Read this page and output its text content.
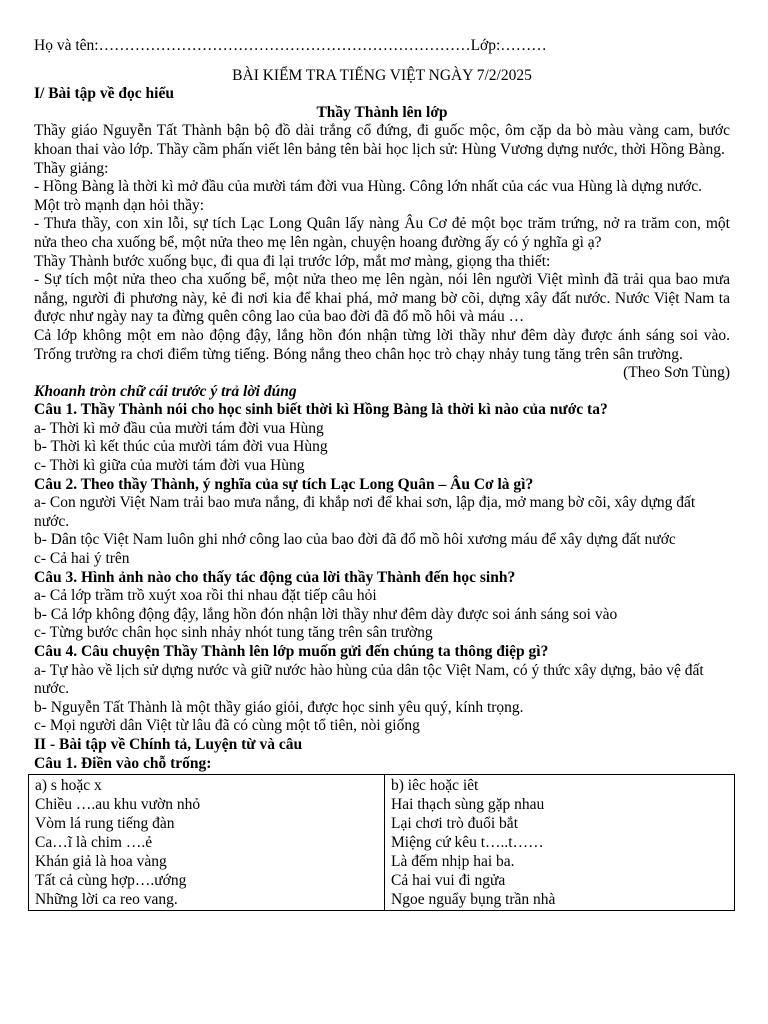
Họ và tên:………………………………………………………………Lớp:………
BÀI KIỂM TRA TIẾNG VIỆT NGÀY 7/2/2025
I/ Bài tập về đọc hiểu
Thầy Thành lên lớp
Thầy giáo Nguyễn Tất Thành bận bộ đồ dài trắng cổ đứng, đi guốc mộc, ôm cặp da bò màu vàng cam, bước khoan thai vào lớp. Thầy cầm phấn viết lên bảng tên bài học lịch sử: Hùng Vương dựng nước, thời Hồng Bàng.
Thầy giảng:
- Hồng Bàng là thời kì mở đầu của mười tám đời vua Hùng. Công lớn nhất của các vua Hùng là dựng nước.
Một trò mạnh dạn hỏi thầy:
- Thưa thầy, con xin lỗi, sự tích Lạc Long Quân lấy nàng Âu Cơ đẻ một bọc trăm trứng, nở ra trăm con, một nửa theo cha xuống bể, một nửa theo mẹ lên ngàn, chuyện hoang đường ấy có ý nghĩa gì ạ?
Thầy Thành bước xuống bục, đi qua đi lại trước lớp, mắt mơ màng, giọng tha thiết:
- Sự tích một nửa theo cha xuống bể, một nửa theo mẹ lên ngàn, nói lên người Việt mình đã trải qua bao mưa nắng, người đi phương này, kẻ đi nơi kia để khai phá, mở mang bờ cõi, dựng xây đất nước. Nước Việt Nam ta được như ngày nay ta đừng quên công lao của bao đời đã đổ mồ hôi và máu …
Cả lớp không một em nào động đậy, lắng hồn đón nhận từng lời thầy như đêm dày được ánh sáng soi vào. Trống trường ra chơi điểm từng tiếng. Bóng nắng theo chân học trò chạy nhảy tung tăng trên sân trường.
(Theo Sơn Tùng)
Khoanh tròn chữ cái trước ý trả lời đúng
Câu 1. Thầy Thành nói cho học sinh biết thời kì Hồng Bàng là thời kì nào của nước ta?
a- Thời kì mở đầu của mười tám đời vua Hùng
b- Thời kì kết thúc của mười tám đời vua Hùng
c- Thời kì giữa của mười tám đời vua Hùng
Câu 2. Theo thầy Thành, ý nghĩa của sự tích Lạc Long Quân – Âu Cơ là gì?
a- Con người Việt Nam trải bao mưa nắng, đi khắp nơi để khai sơn, lập địa, mở mang bờ cõi, xây dựng đất nước.
b- Dân tộc Việt Nam luôn ghi nhớ công lao của bao đời đã đổ mồ hôi xương máu để xây dựng đất nước
c- Cả hai ý trên
Câu 3. Hình ảnh nào cho thấy tác động của lời thầy Thành đến học sinh?
a- Cả lớp trầm trồ xuýt xoa rồi thi nhau đặt tiếp câu hỏi
b- Cả lớp không động đậy, lắng hồn đón nhận lời thầy như đêm dày được soi ánh sáng soi vào
c- Từng bước chân học sinh nhảy nhót tung tăng trên sân trường
Câu 4. Câu chuyện Thầy Thành lên lớp muốn gửi đến chúng ta thông điệp gì?
a- Tự hào về lịch sử dựng nước và giữ nước hào hùng của dân tộc Việt Nam, có ý thức xây dựng, bảo vệ đất nước.
b- Nguyễn Tất Thành là một thầy giáo giỏi, được học sinh yêu quý, kính trọng.
c- Mọi người dân Việt từ lâu đã có cùng một tổ tiên, nòi giống
II - Bài tập về Chính tả, Luyện từ và câu
Câu 1. Điền vào chỗ trống:
a) s hoặc x
Chiều ….au khu vườn nhỏ
Vòm lá rung tiếng đàn
Ca…ĩ là chim ….ẻ
Khán giả là hoa vàng
Tất cả cùng hợp….ướng
Những lời ca reo vang.

b) iêc hoặc iêt
Hai thạch sùng gặp nhau
Lại chơi trò đuổi bắt
Miệng cứ kêu t…..t……
Là đếm nhịp hai ba.
Cả hai vui đi ngửa
Ngoe nguẩy bụng trần nhà
